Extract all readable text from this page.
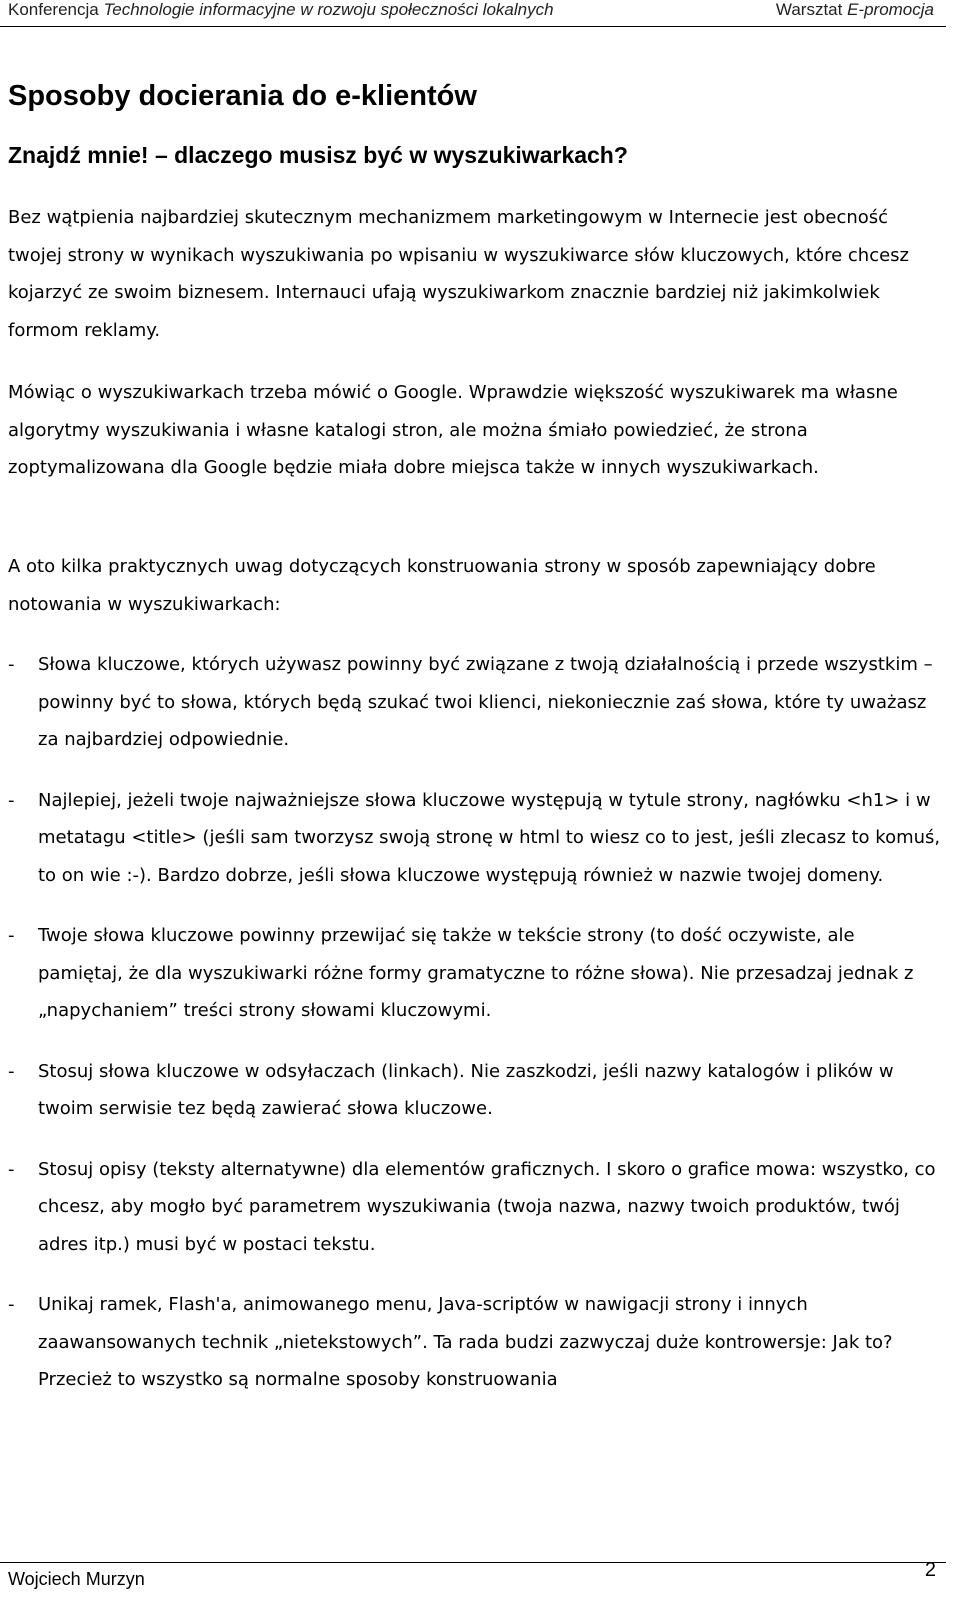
Konferencja Technologie informacyjne w rozwoju społeczności lokalnych	Warsztat E-promocja
Sposoby docierania do e-klientów
Znajdź mnie! – dlaczego musisz być w wyszukiwarkach?

Bez wątpienia najbardziej skutecznym mechanizmem marketingowym w Internecie jest obecność twojej strony w wynikach wyszukiwania po wpisaniu w wyszukiwarce słów kluczowych, które chcesz kojarzyć ze swoim biznesem. Internauci ufają wyszukiwarkom znacznie bardziej niż jakimkolwiek formom reklamy.

Mówiąc o wyszukiwarkach trzeba mówić o Google. Wprawdzie większość wyszukiwarek ma własne algorytmy wyszukiwania i własne katalogi stron, ale można śmiało powiedzieć, że strona zoptymalizowana dla Google będzie miała dobre miejsca także w innych wyszukiwarkach.

A oto kilka praktycznych uwag dotyczących konstruowania strony w sposób zapewniający dobre notowania w wyszukiwarkach:

- Słowa kluczowe, których używasz powinny być związane z twoją działalnością i przede wszystkim – powinny być to słowa, których będą szukać twoi klienci, niekoniecznie zaś słowa, które ty uważasz za najbardziej odpowiednie.
- Najlepiej, jeżeli twoje najważniejsze słowa kluczowe występują w tytule strony, nagłówku <h1> i w metatagu <title> (jeśli sam tworzysz swoją stronę w html to wiesz co to jest, jeśli zlecasz to komuś, to on wie :-). Bardzo dobrze, jeśli słowa kluczowe występują również w nazwie twojej domeny.
- Twoje słowa kluczowe powinny przewijać się także w tekście strony (to dość oczywiste, ale pamiętaj, że dla wyszukiwarki różne formy gramatyczne to różne słowa). Nie przesadzaj jednak z „napychaniem” treści strony słowami kluczowymi.
- Stosuj słowa kluczowe w odsyłaczach (linkach). Nie zaszkodzi, jeśli nazwy katalogów i plików w twoim serwisie tez będą zawierać słowa kluczowe.
- Stosuj opisy (teksty alternatywne) dla elementów graficznych. I skoro o grafice mowa: wszystko, co chcesz, aby mogło być parametrem wyszukiwania (twoja nazwa, nazwy twoich produktów, twój adres itp.) musi być w postaci tekstu.
- Unikaj ramek, Flash'a, animowanego menu, Java-scriptów w nawigacji strony i innych zaawansowanych technik „nietekstowych”. Ta rada budzi zazwyczaj duże kontrowersje: Jak to? Przecież to wszystko są normalne sposoby konstruowania
Wojciech Murzyn	2
